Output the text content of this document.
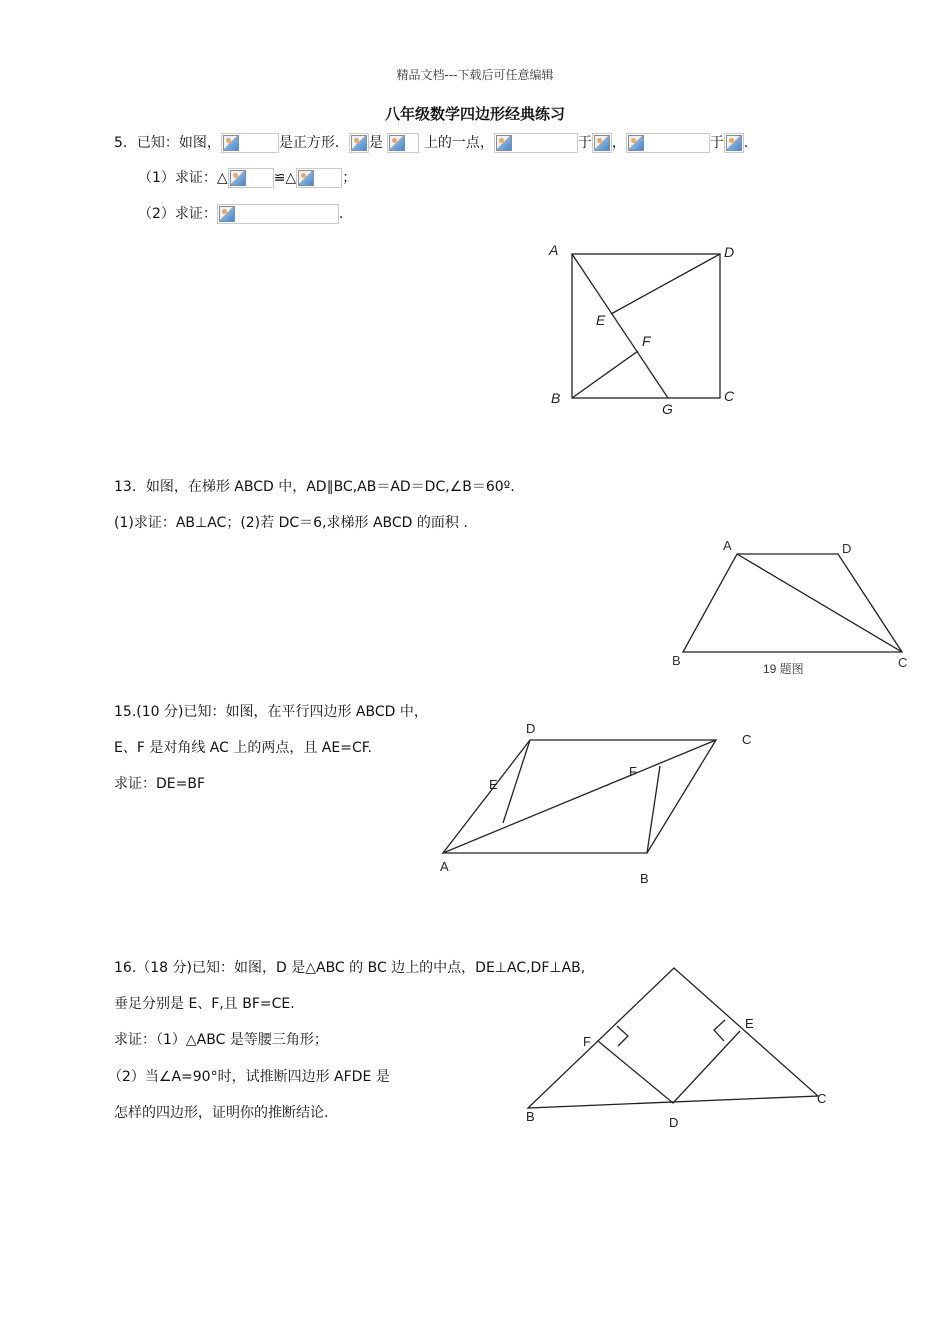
精品文档---下载后可任意编辑
八年级数学四边形经典练习
5．已知：如图，	是正方形． 是	上的一点，	于 ，	于 .
（1）求证：△	≌△	；
（2）求证：	.
A	D
E
F
B	C
G
A	D
B	C
19 题图
D
C
E
F
A
B
F
E
B	D
C
13．如图，在梯形 ABCD 中，AD∥BC,AB＝AD＝DC,∠B＝60º.
(1)求证：AB⊥AC；(2)若 DC＝6,求梯形 ABCD 的面积 .
15.(10 分)已知：如图，在平行四边形 ABCD 中，
E、F 是对角线 AC 上的两点，且 AE=CF.
求证：DE=BF
16.（18 分)已知：如图，D 是△ABC 的 BC 边上的中点，DE⊥AC,DF⊥AB,
垂足分别是 E、F,且 BF=CE.
求证：（1）△ABC 是等腰三角形；
（2）当∠A=90°时，试推断四边形 AFDE 是
怎样的四边形，证明你的推断结论.
